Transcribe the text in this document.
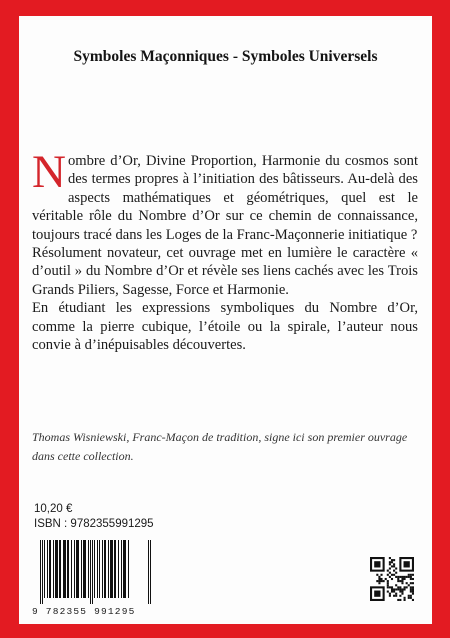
Symboles Maçonniques - Symboles Universels

Nombre d’Or, Divine Proportion, Harmonie du cosmos sont des termes propres à l’initiation des bâtisseurs. Au-delà des aspects mathématiques et géométriques, quel est le véritable rôle du Nombre d’Or sur ce chemin de connaissance, toujours tracé dans les Loges de la Franc-Maçonnerie initiatique ?

Résolument novateur, cet ouvrage met en lumière le caractère « d’outil » du Nombre d’Or et révèle ses liens cachés avec les Trois Grands Piliers, Sagesse, Force et Harmonie.

En étudiant les expressions symboliques du Nombre d’Or, comme la pierre cubique, l’étoile ou la spirale, l’auteur nous convie à d’inépuisables découvertes.

Thomas Wisniewski, Franc-Maçon de tradition, signe ici son premier ouvrage dans cette collection.

10,20 €

ISBN : 9782355991295

9 782355 991295
